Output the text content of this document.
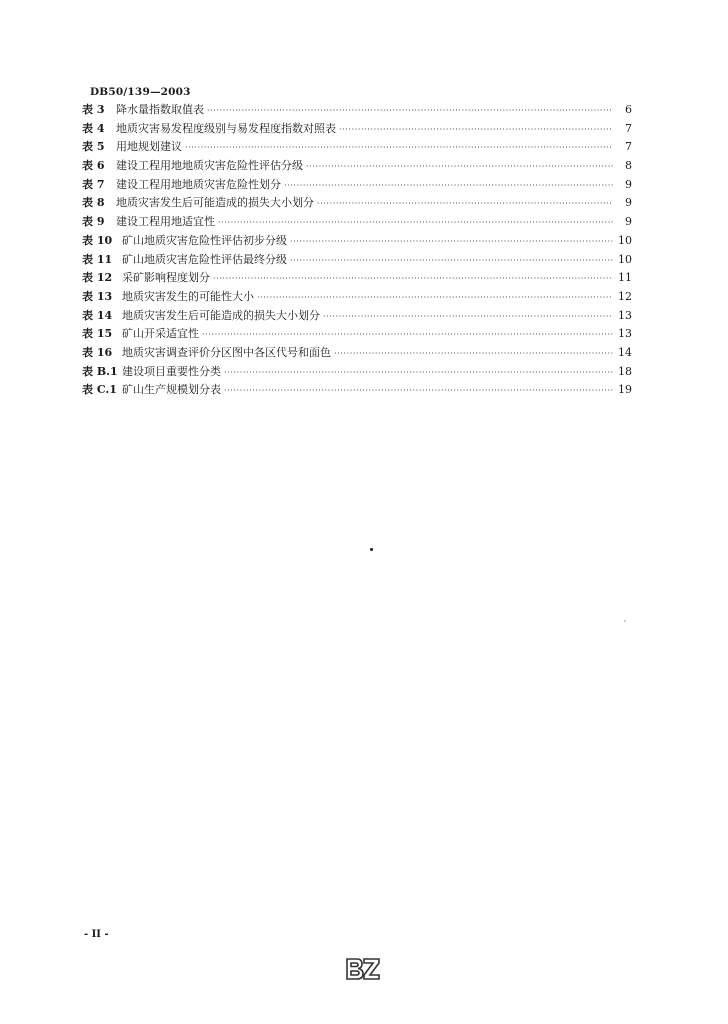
DB50/139—2003
表 3	降水量指数取值表 ·····	6
表 4	地质灾害易发程度级别与易发程度指数对照表 ·····	7
表 5	用地规划建议 ·····	7
表 6	建设工程用地地质灾害危险性评估分级 ·····	8
表 7	建设工程用地地质灾害危险性划分 ·····	9
表 8	地质灾害发生后可能造成的损失大小划分 ·····	9
表 9	建设工程用地适宜性 ·····	9
表 10 矿山地质灾害危险性评估初步分级 ·····	10
表 11 矿山地质灾害危险性评估最终分级 ·····	10
表 12 采矿影响程度划分 ·····	11
表 13 地质灾害发生的可能性大小 ·····	12
表 14 地质灾害发生后可能造成的损失大小划分 ·····	13
表 15 矿山开采适宜性 ·····	13
表 16 地质灾害调查评价分区图中各区代号和面色 ·····	14
表 B.1 建设项目重要性分类 ·····	18
表 C.1 矿山生产规模划分表 ·····	19
- II -
